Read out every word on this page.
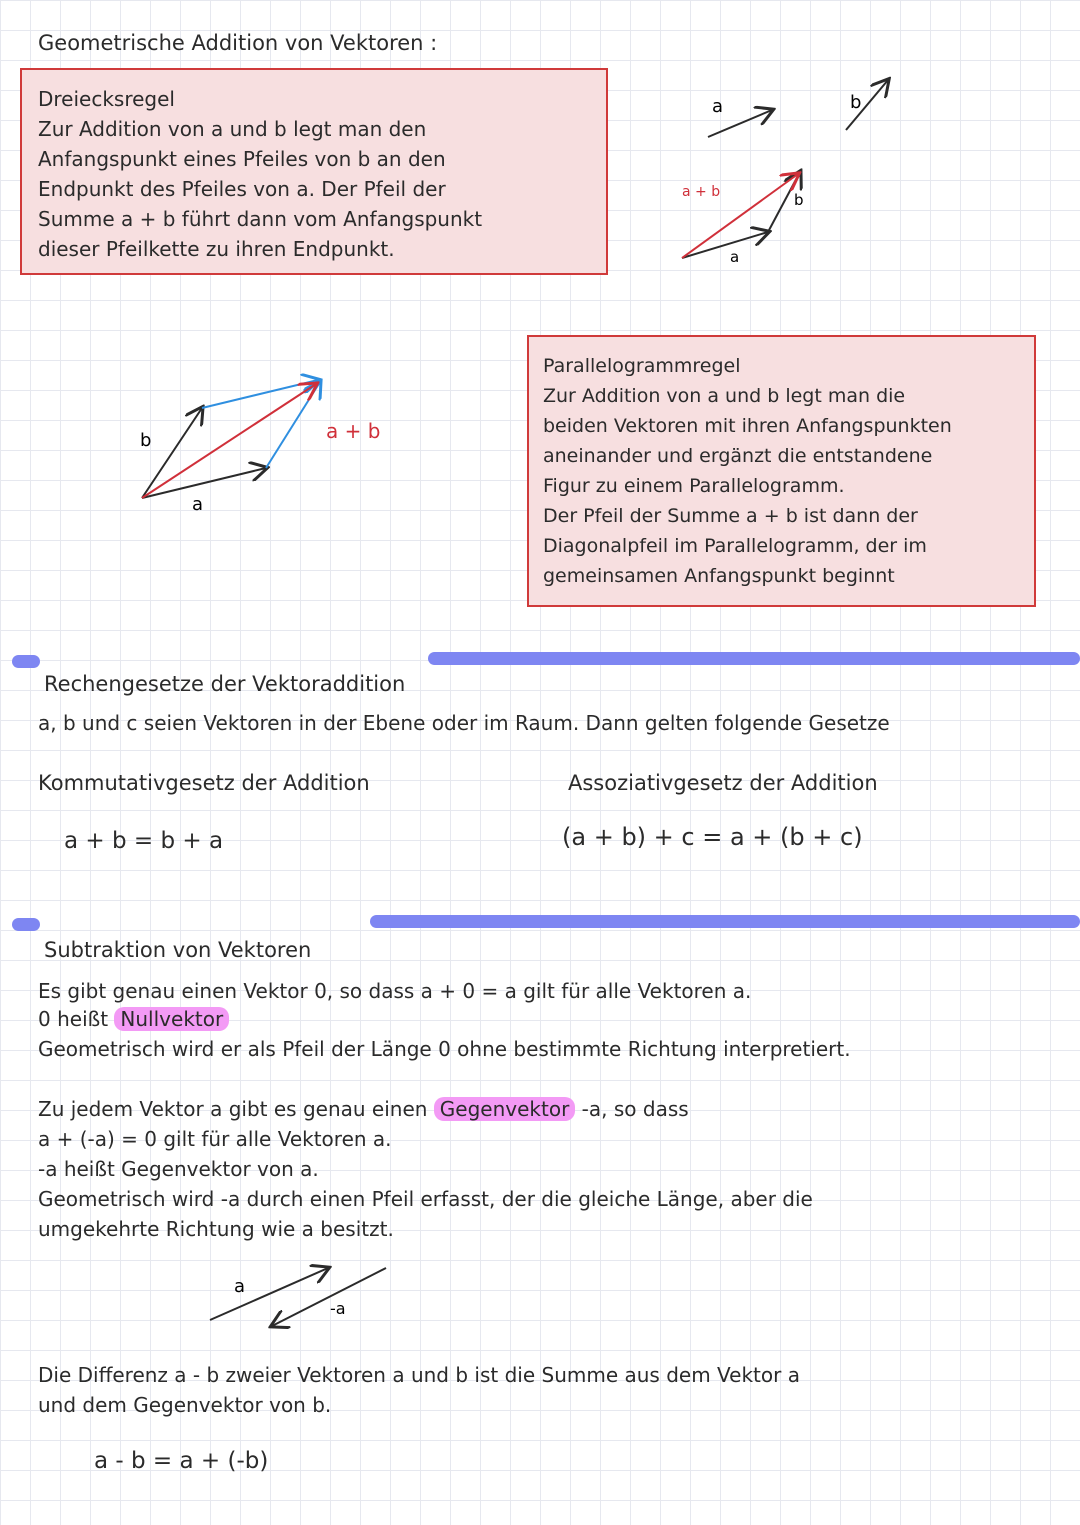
Geometrische Addition von Vektoren :

Dreiecksregel
Zur Addition von a und b legt man den
Anfangspunkt eines Pfeiles von b an den
Endpunkt des Pfeiles von a. Der Pfeil der
Summe a + b führt dann vom Anfangspunkt
dieser Pfeilkette zu ihren Endpunkt.
a	b
a + b	b
a
b
a
a + b
Parallelogrammregel
Zur Addition von a und b legt man die
beiden Vektoren mit ihren Anfangspunkten
aneinander und ergänzt die entstandene
Figur zu einem Parallelogramm.
Der Pfeil der Summe a + b ist dann der
Diagonalpfeil im Parallelogramm, der im
gemeinsamen Anfangspunkt beginnt

Rechengesetze der Vektoraddition

a, b und c seien Vektoren in der Ebene oder im Raum. Dann gelten folgende Gesetze

Kommutativgesetz der Addition

a + b = b + a

Assoziativgesetz der Addition

(a + b) + c = a + (b + c)

Subtraktion von Vektoren

Es gibt genau einen Vektor 0, so dass a + 0 = a gilt für alle Vektoren a.

0 heißt Nullvektor

Geometrisch wird er als Pfeil der Länge 0 ohne bestimmte Richtung interpretiert.

Zu jedem Vektor a gibt es genau einen Gegenvektor -a, so dass

a + (-a) = 0 gilt für alle Vektoren a.

-a heißt Gegenvektor von a.

Geometrisch wird -a durch einen Pfeil erfasst, der die gleiche Länge, aber die

umgekehrte Richtung wie a besitzt.

a
-a

Die Differenz a - b zweier Vektoren a und b ist die Summe aus dem Vektor a

und dem Gegenvektor von b.

a - b = a + (-b)
